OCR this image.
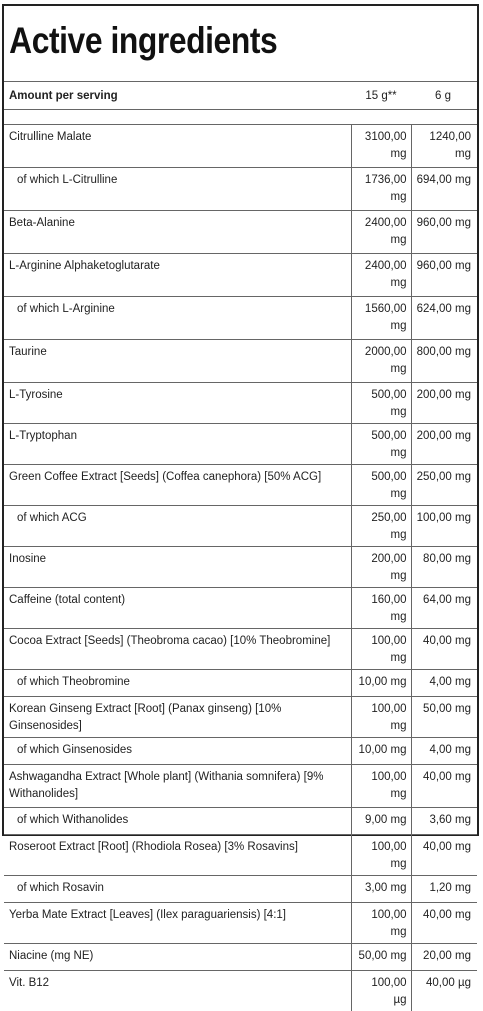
Active ingredients
Amount per serving	15 g**	6 g

Citrulline Malate	3100,00 mg	1240,00 mg
of which L-Citrulline	1736,00 mg	694,00 mg
Beta-Alanine	2400,00 mg	960,00 mg
L-Arginine Alphaketoglutarate	2400,00 mg	960,00 mg
of which L-Arginine	1560,00 mg	624,00 mg
Taurine	2000,00 mg	800,00 mg
L-Tyrosine	500,00 mg	200,00 mg
L-Tryptophan	500,00 mg	200,00 mg
Green Coffee Extract [Seeds] (Coffea canephora) [50% ACG]	500,00 mg	250,00 mg
of which ACG	250,00 mg	100,00 mg
Inosine	200,00 mg	80,00 mg
Caffeine (total content)	160,00 mg	64,00 mg
Cocoa Extract [Seeds] (Theobroma cacao) [10% Theobromine]	100,00 mg	40,00 mg
of which Theobromine	10,00 mg	4,00 mg
Korean Ginseng Extract [Root] (Panax ginseng) [10% Ginsenosides]	100,00 mg	50,00 mg
of which Ginsenosides	10,00 mg	4,00 mg
Ashwagandha Extract [Whole plant] (Withania somnifera) [9% Withanolides]	100,00 mg	40,00 mg
of which Withanolides	9,00 mg	3,60 mg
Roseroot Extract [Root] (Rhodiola Rosea) [3% Rosavins]	100,00 mg	40,00 mg
of which Rosavin	3,00 mg	1,20 mg
Yerba Mate Extract [Leaves] (Ilex paraguariensis) [4:1]	100,00 mg	40,00 mg
Niacine (mg NE)	50,00 mg	20,00 mg
Vit. B12	100,00 µg	40,00 µg
